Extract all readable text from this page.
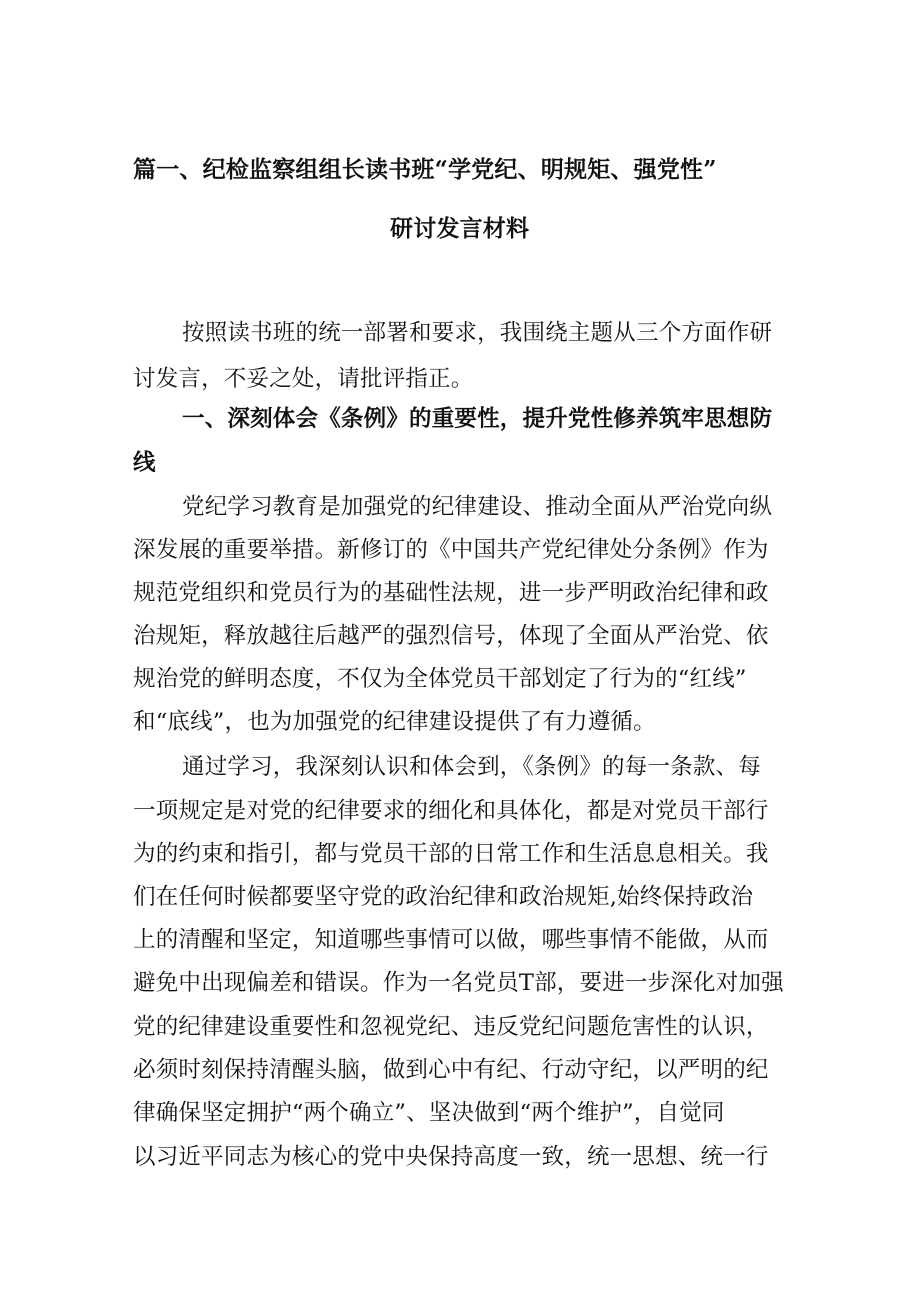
篇一、纪检监察组组长读书班“学党纪、明规矩、强党性”
研讨发言材料
按照读书班的统一部署和要求，我围绕主题从三个方面作研
讨发言，不妥之处，请批评指正。
一、深刻体会《条例》的重要性，提升党性修养筑牢思想防
线
党纪学习教育是加强党的纪律建设、推动全面从严治党向纵
深发展的重要举措。新修订的《中国共产党纪律处分条例》作为
规范党组织和党员行为的基础性法规，进一步严明政治纪律和政
治规矩，释放越往后越严的强烈信号，体现了全面从严治党、依
规治党的鲜明态度，不仅为全体党员干部划定了行为的“红线”
和“底线”，也为加强党的纪律建设提供了有力遵循。
通过学习，我深刻认识和体会到，《条例》的每一条款、每
一项规定是对党的纪律要求的细化和具体化，都是对党员干部行
为的约束和指引，都与党员干部的日常工作和生活息息相关。我
们在任何时候都要坚守党的政治纪律和政治规矩,始终保持政治
上的清醒和坚定，知道哪些事情可以做，哪些事情不能做，从而
避免中出现偏差和错误。作为一名党员T部，要进一步深化对加强
党的纪律建设重要性和忽视党纪、违反党纪问题危害性的认识，
必须时刻保持清醒头脑，做到心中有纪、行动守纪，以严明的纪
律确保坚定拥护“两个确立”、坚决做到“两个维护”，自觉同
以习近平同志为核心的党中央保持高度一致，统一思想、统一行
